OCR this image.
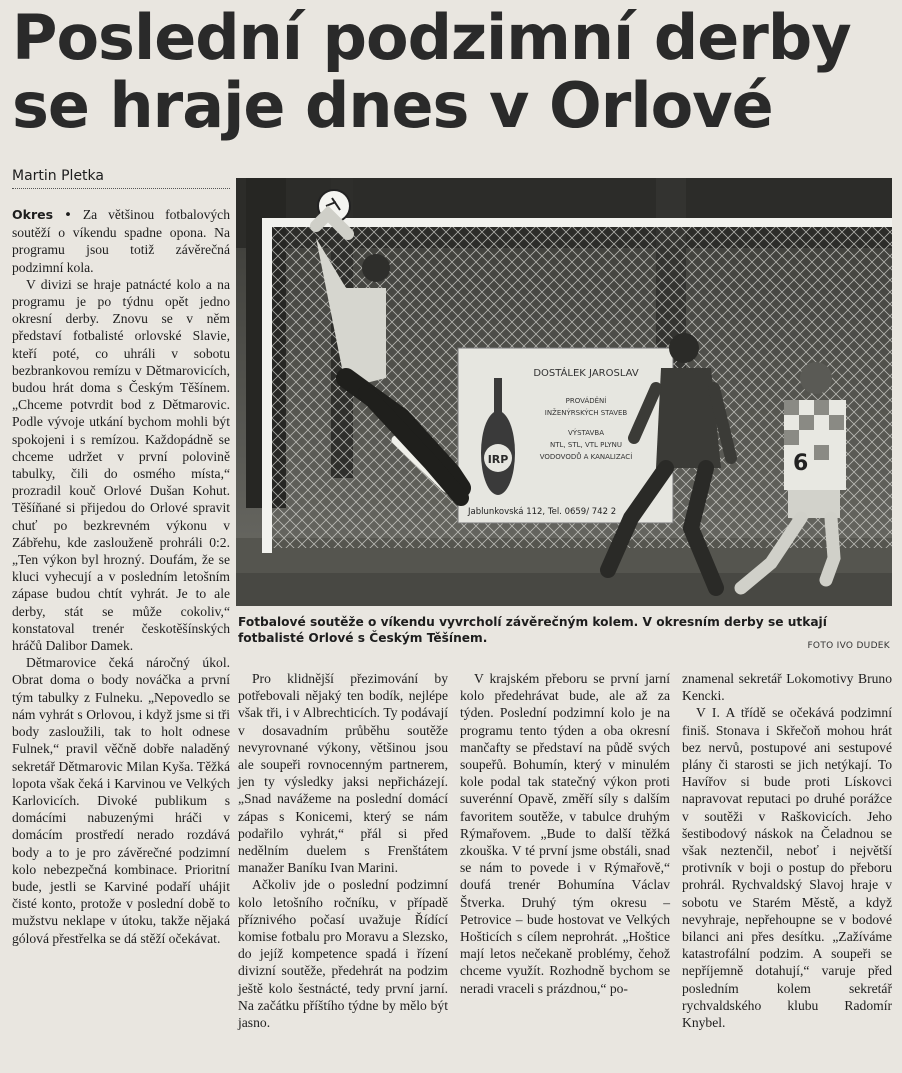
Poslední podzimní derby
se hraje dnes v Orlové
Martin Pletka

Okres • Za většinou fotbalových soutěží o víkendu spadne opona. Na programu jsou totiž závěrečná podzimní kola.

V divizi se hraje patnácté kolo a na programu je po týdnu opět jedno okresní derby. Znovu se v něm představí fotbalisté orlovské Slavie, kteří poté, co uhráli v sobotu bezbrankovou remízu v Dětmarovicích, budou hrát doma s Českým Těšínem. „Chceme potvrdit bod z Dětmarovic. Podle vývoje utkání bychom mohli být spokojeni i s remízou. Každopádně se chceme udržet v první polovině tabulky, čili do osmého místa,“ prozradil kouč Orlové Dušan Kohut. Těšíňané si přijedou do Orlové spravit chuť po bezkrevném výkonu v Zábřehu, kde zaslouženě prohráli 0:2. „Ten výkon byl hrozný. Doufám, že se kluci vyhecují a v posledním letošním zápase budou chtít vyhrát. Je to ale derby, stát se může cokoliv,“ konstatoval trenér českotěšínských hráčů Dalibor Damek.

Dětmarovice čeká náročný úkol. Obrat doma o body nováčka a první tým tabulky z Fulneku. „Nepovedlo se nám vyhrát s Orlovou, i když jsme si tři body zasloužili, tak to holt odnese Fulnek,“ pravil věčně dobře naladěný sekretář Dětmarovic Milan Kyša. Těžká lopota však čeká i Karvinou ve Velkých Karlovicích. Divoké publikum s domácími nabuzenými hráči v domácím prostředí nerado rozdává body a to je pro závěrečné podzimní kolo nebezpečná kombinace. Prioritní bude, jestli se Karviné podaří uhájit čisté konto, protože v poslední době to mužstvu neklape v útoku, takže nějaká gólová přestřelka se dá stěží očekávat.

IRP
DOSTÁLEK JAROSLAV
PROVÁDĚNÍ
INŽENÝRSKÝCH STAVEB
VÝSTAVBA
NTL, STL, VTL PLYNU
VODOVODŮ A KANALIZACÍ
Jablunkovská 112, Tel. 0659/ 742 2
6
Fotbalové soutěže o víkendu vyvrcholí závěrečným kolem. V okresním derby se utkají fotbalisté Orlové s Českým Těšínem.
FOTO IVO DUDEK

Pro klidnější přezimování by potřebovali nějaký ten bodík, nejlépe však tři, i v Albrechticích. Ty podávají v dosavadním průběhu soutěže nevyrovnané výkony, většinou jsou ale soupeři rovnocenným partnerem, jen ty výsledky jaksi nepřicházejí. „Snad navážeme na poslední domácí zápas s Konicemi, který se nám podařilo vyhrát,“ přál si před nedělním duelem s Frenštátem manažer Baníku Ivan Marini.

Ačkoliv jde o poslední podzimní kolo letošního ročníku, v případě příznivého počasí uvažuje Řídící komise fotbalu pro Moravu a Slezsko, do jejíž kompetence spadá i řízení divizní soutěže, předehrát na podzim ještě kolo šestnácté, tedy první jarní. Na začátku příštího týdne by mělo být jasno.

V krajském přeboru se první jarní kolo předehrávat bude, ale až za týden. Poslední podzimní kolo je na programu tento týden a oba okresní mančafty se představí na půdě svých soupeřů. Bohumín, který v minulém kole podal tak statečný výkon proti suverénní Opavě, změří síly s dalším favoritem soutěže, v tabulce druhým Rýmařovem. „Bude to další těžká zkouška. V té první jsme obstáli, snad se nám to povede i v Rýmařově,“ doufá trenér Bohumína Václav Štverka. Druhý tým okresu – Petrovice – bude hostovat ve Velkých Hošticích s cílem neprohrát. „Hoštice mají letos nečekaně problémy, čehož chceme využít. Rozhodně bychom se neradi vraceli s prázdnou,“ po-

znamenal sekretář Lokomotivy Bruno Kencki.

V I. A třídě se očekává podzimní finiš. Stonava i Skřečoň mohou hrát bez nervů, postupové ani sestupové plány či starosti se jich netýkají. To Havířov si bude proti Lískovci napravovat reputaci po druhé porážce v soutěži v Raškovicích. Jeho šestibodový náskok na Čeladnou se však neztenčil, neboť i největší protivník v boji o postup do přeboru prohrál. Rychvaldský Slavoj hraje v sobotu ve Starém Městě, a když nevyhraje, nepřehoupne se v bodové bilanci ani přes desítku. „Zažíváme katastrofální podzim. A soupeři se nepříjemně dotahují,“ varuje před posledním kolem sekretář rychvaldského klubu Radomír Knybel.
